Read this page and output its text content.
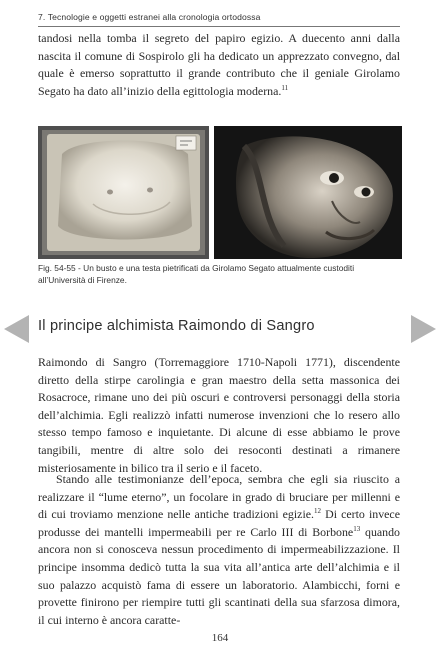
7. Tecnologie e oggetti estranei alla cronologia ortodossa

tandosi nella tomba il segreto del papiro egizio. A duecento anni dalla nascita il comune di Sospirolo gli ha dedicato un apprezzato convegno, dal quale è emerso soprattutto il grande contributo che il geniale Girolamo Segato ha dato all’inizio della egittologia moderna.$^{11}$

Fig. 54-55 - Un busto e una testa pietrificati da Girolamo Segato attualmente custoditi all’Università di Firenze.
Il principe alchimista Raimondo di Sangro

Raimondo di Sangro (Torremaggiore 1710-Napoli 1771), discendente diretto della stirpe carolingia e gran maestro della setta massonica dei Rosacroce, rimane uno dei più oscuri e controversi personaggi della storia dell’alchimia. Egli realizzò infatti numerose invenzioni che lo resero allo stesso tempo famoso e inquietante. Di alcune di esse abbiamo le prove tangibili, mentre di altre solo dei resoconti destinati a rimanere misteriosamente in bilico tra il serio e il faceto.

Stando alle testimonianze dell’epoca, sembra che egli sia riuscito a realizzare il “lume eterno”, un focolare in grado di bruciare per millenni e di cui troviamo menzione nelle antiche tradizioni egizie.$^{12}$ Di certo invece produsse dei mantelli impermeabili per re Carlo III di Borbone$^{13}$ quando ancora non si conosceva nessun procedimento di impermeabilizzazione. Il principe insomma dedicò tutta la sua vita all’antica arte dell’alchimia e il suo palazzo acquistò fama di essere un laboratorio. Alambicchi, forni e provette finirono per riempire tutti gli scantinati della sua sfarzosa dimora, il cui interno è ancora caratte-

164
